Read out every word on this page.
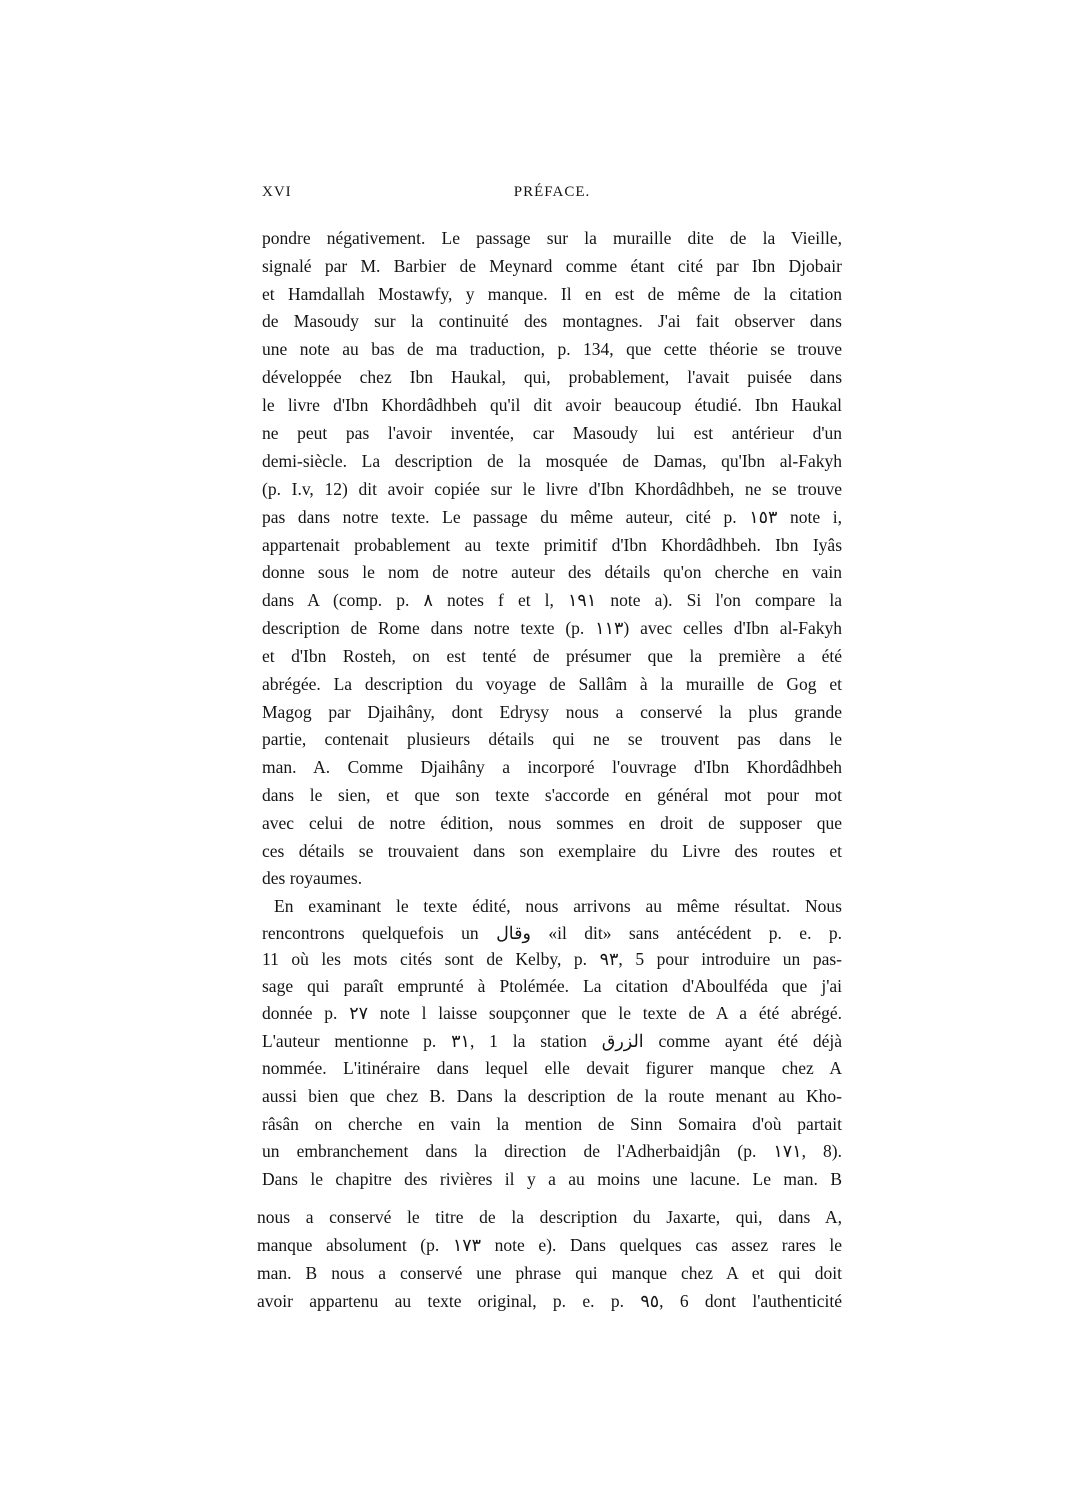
XVI	PRÉFACE.
pondre négativement. Le passage sur la muraille dite de la Vieille,
signalé par M. Barbier de Meynard comme étant cité par Ibn Djobair
et Hamdallah Mostawfy, y manque. Il en est de même de la citation
de Masoudy sur la continuité des montagnes. J'ai fait observer dans
une note au bas de ma traduction, p. 134, que cette théorie se trouve
développée chez Ibn Haukal, qui, probablement, l'avait puisée dans
le livre d'Ibn Khordâdhbeh qu'il dit avoir beaucoup étudié. Ibn Haukal
ne peut pas l'avoir inventée, car Masoudy lui est antérieur d'un
demi-siècle. La description de la mosquée de Damas, qu'Ibn al-Fakyh
(p. I.v, 12) dit avoir copiée sur le livre d'Ibn Khordâdhbeh, ne se trouve
pas dans notre texte. Le passage du même auteur, cité p. ١٥٣ note i,
appartenait probablement au texte primitif d'Ibn Khordâdhbeh. Ibn Iyâs
donne sous le nom de notre auteur des détails qu'on cherche en vain
dans A (comp. p. ٨ notes f et l, ١٩١ note a). Si l'on compare la
description de Rome dans notre texte (p. ١١٣) avec celles d'Ibn al-Fakyh
et d'Ibn Rosteh, on est tenté de présumer que la première a été
abrégée. La description du voyage de Sallâm à la muraille de Gog et
Magog par Djaihâny, dont Edrysy nous a conservé la plus grande
partie, contenait plusieurs détails qui ne se trouvent pas dans le
man. A. Comme Djaihâny a incorporé l'ouvrage d'Ibn Khordâdhbeh
dans le sien, et que son texte s'accorde en général mot pour mot
avec celui de notre édition, nous sommes en droit de supposer que
ces détails se trouvaient dans son exemplaire du Livre des routes et
des royaumes.
En examinant le texte édité, nous arrivons au même résultat. Nous
rencontrons quelquefois un وقال «il dit» sans antécédent p. e. p.
11 où les mots cités sont de Kelby, p. ٩٣, 5 pour introduire un pas-
sage qui paraît emprunté à Ptolémée. La citation d'Aboulféda que j'ai
donnée p. ٢٧ note l laisse soupçonner que le texte de A a été abrégé.
L'auteur mentionne p. ٣١, 1 la station الزرق comme ayant été déjà
nommée. L'itinéraire dans lequel elle devait figurer manque chez A
aussi bien que chez B. Dans la description de la route menant au Kho-
râsân on cherche en vain la mention de Sinn Somaira d'où partait
un embranchement dans la direction de l'Adherbaidjân (p. ١٧١, 8).
Dans le chapitre des rivières il y a au moins une lacune. Le man. B
nous a conservé le titre de la description du Jaxarte, qui, dans A,
manque absolument (p. ١٧٣ note e). Dans quelques cas assez rares le
man. B nous a conservé une phrase qui manque chez A et qui doit
avoir appartenu au texte original, p. e. p. ٩٥, 6 dont l'authenticité
